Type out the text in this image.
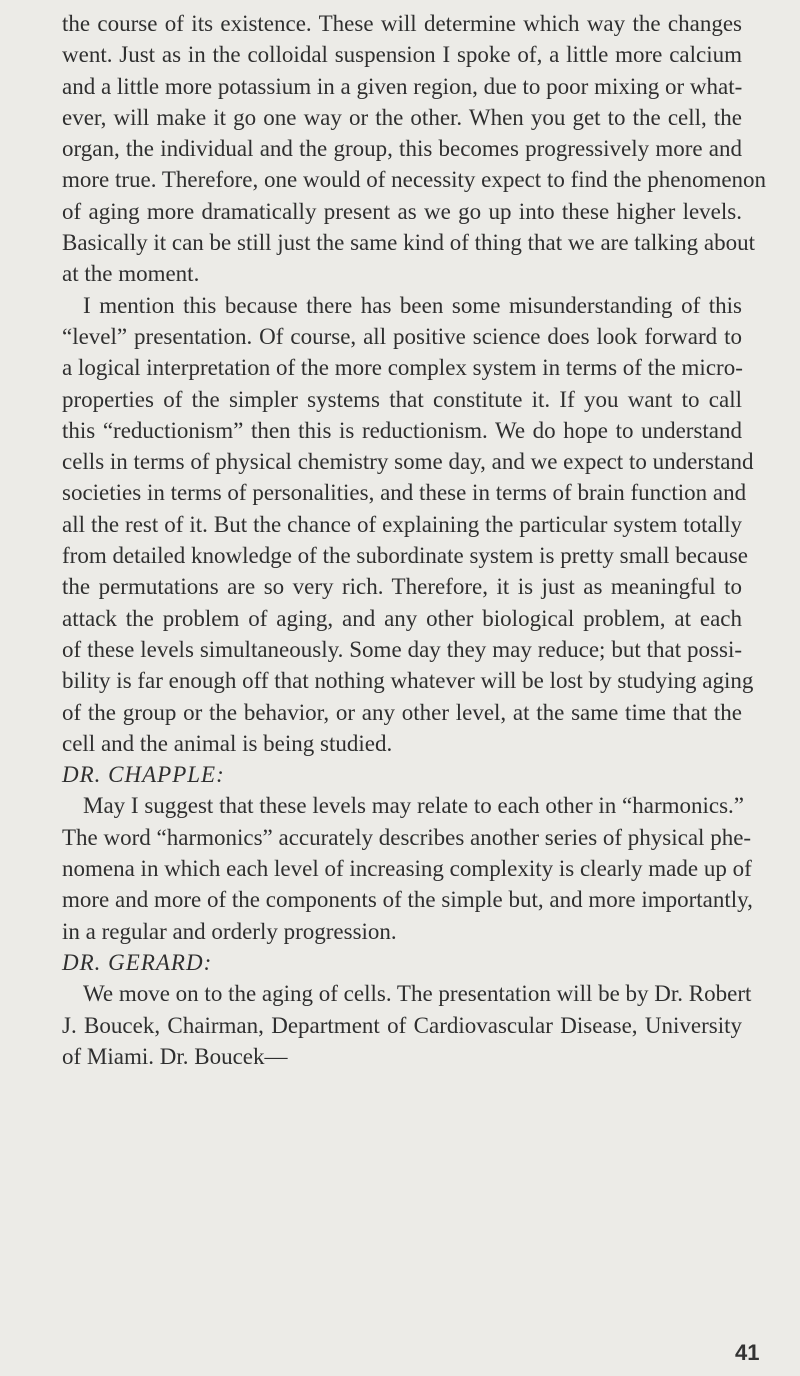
the course of its existence. These will determine which way the changes
went. Just as in the colloidal suspension I spoke of, a little more calcium
and a little more potassium in a given region, due to poor mixing or what-
ever, will make it go one way or the other. When you get to the cell, the
organ, the individual and the group, this becomes progressively more and
more true. Therefore, one would of necessity expect to find the phenomenon
of aging more dramatically present as we go up into these higher levels.
Basically it can be still just the same kind of thing that we are talking about
at the moment.
I mention this because there has been some misunderstanding of this
“level” presentation. Of course, all positive science does look forward to
a logical interpretation of the more complex system in terms of the micro-
properties of the simpler systems that constitute it. If you want to call
this “reductionism” then this is reductionism. We do hope to understand
cells in terms of physical chemistry some day, and we expect to understand
societies in terms of personalities, and these in terms of brain function and
all the rest of it. But the chance of explaining the particular system totally
from detailed knowledge of the subordinate system is pretty small because
the permutations are so very rich. Therefore, it is just as meaningful to
attack the problem of aging, and any other biological problem, at each
of these levels simultaneously. Some day they may reduce; but that possi-
bility is far enough off that nothing whatever will be lost by studying aging
of the group or the behavior, or any other level, at the same time that the
cell and the animal is being studied.
DR. CHAPPLE:
May I suggest that these levels may relate to each other in “harmonics.”
The word “harmonics” accurately describes another series of physical phe-
nomena in which each level of increasing complexity is clearly made up of
more and more of the components of the simple but, and more importantly,
in a regular and orderly progression.
DR. GERARD:
We move on to the aging of cells. The presentation will be by Dr. Robert
J. Boucek, Chairman, Department of Cardiovascular Disease, University
of Miami. Dr. Boucek—
41
